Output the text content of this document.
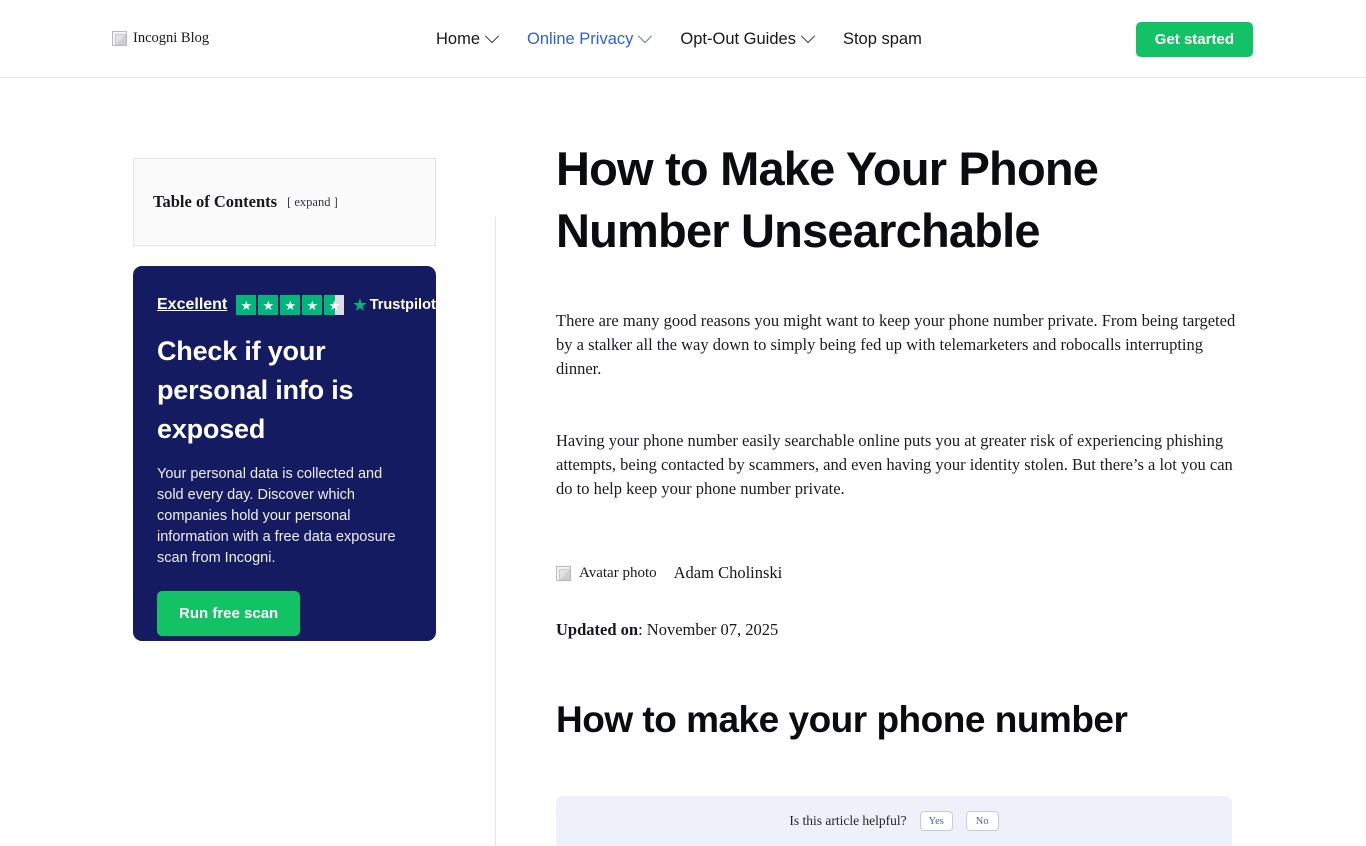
Incogni Blog	Home	Online Privacy	Opt-Out Guides	Stop spam	Get started
Table of Contents [ expand ]
Excellent	★ ★ ★ ★ ★ ★ Trustpilot
Check if your personal info is exposed
Your personal data is collected and sold every day. Discover which companies hold your personal information with a free data exposure scan from Incogni.
Run free scan
How to Make Your Phone Number Unsearchable

There are many good reasons you might want to keep your phone number private. From being targeted by a stalker all the way down to simply being fed up with telemarketers and robocalls interrupting dinner.

Having your phone number easily searchable online puts you at greater risk of experiencing phishing attempts, being contacted by scammers, and even having your identity stolen. But there’s a lot you can do to help keep your phone number private.

Avatar photo Adam Cholinski
Updated on: November 07, 2025
How to make your phone number
Is this article helpful?	Yes	No
